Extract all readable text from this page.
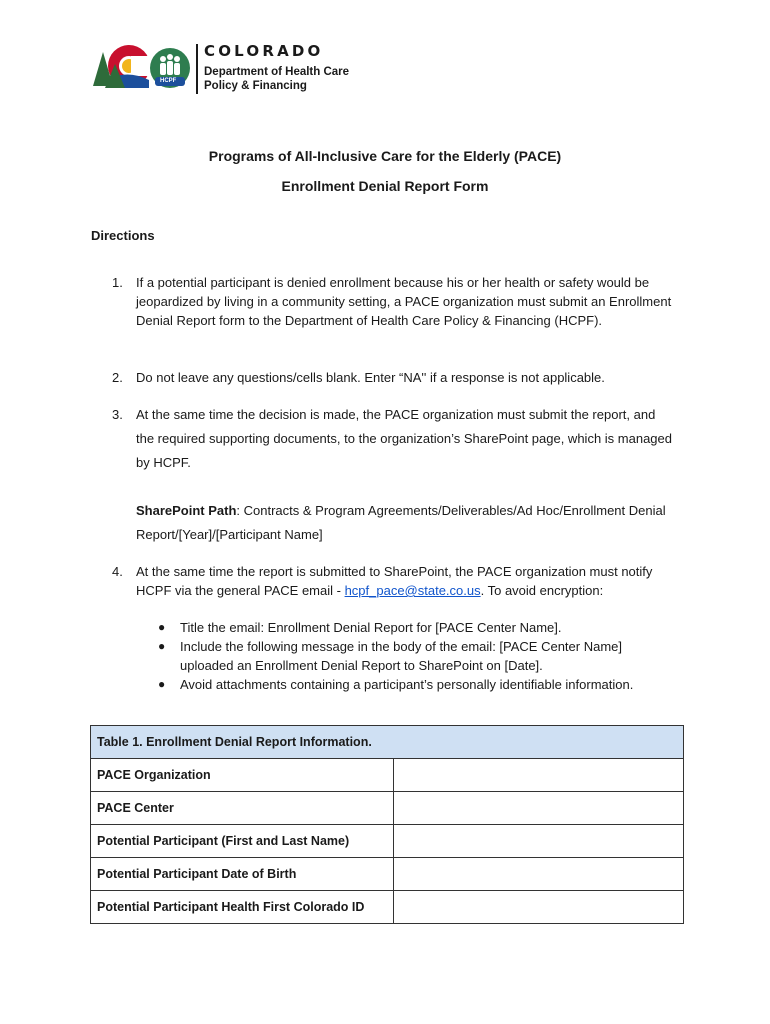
HCPF
COLORADO
Department of Health Care
Policy & Financing
Programs of All-Inclusive Care for the Elderly (PACE)
Enrollment Denial Report Form
Directions
1. If a potential participant is denied enrollment because his or her health or safety would be jeopardized by living in a community setting, a PACE organization must submit an Enrollment Denial Report form to the Department of Health Care Policy & Financing (HCPF).
2. Do not leave any questions/cells blank. Enter “NA'' if a response is not applicable.
3. At the same time the decision is made, the PACE organization must submit the report, and the required supporting documents, to the organization’s SharePoint page, which is managed by HCPF.
SharePoint Path: Contracts & Program Agreements/Deliverables/Ad Hoc/Enrollment Denial Report/[Year]/[Participant Name]
4. At the same time the report is submitted to SharePoint, the PACE organization must notify HCPF via the general PACE email - hcpf_pace@state.co.us. To avoid encryption:
● Title the email: Enrollment Denial Report for [PACE Center Name].
● Include the following message in the body of the email: [PACE Center Name] uploaded an Enrollment Denial Report to SharePoint on [Date].
● Avoid attachments containing a participant’s personally identifiable information.
Table 1. Enrollment Denial Report Information.	
PACE Organization	
PACE Center	
Potential Participant (First and Last Name)	
Potential Participant Date of Birth	
Potential Participant Health First Colorado ID	
